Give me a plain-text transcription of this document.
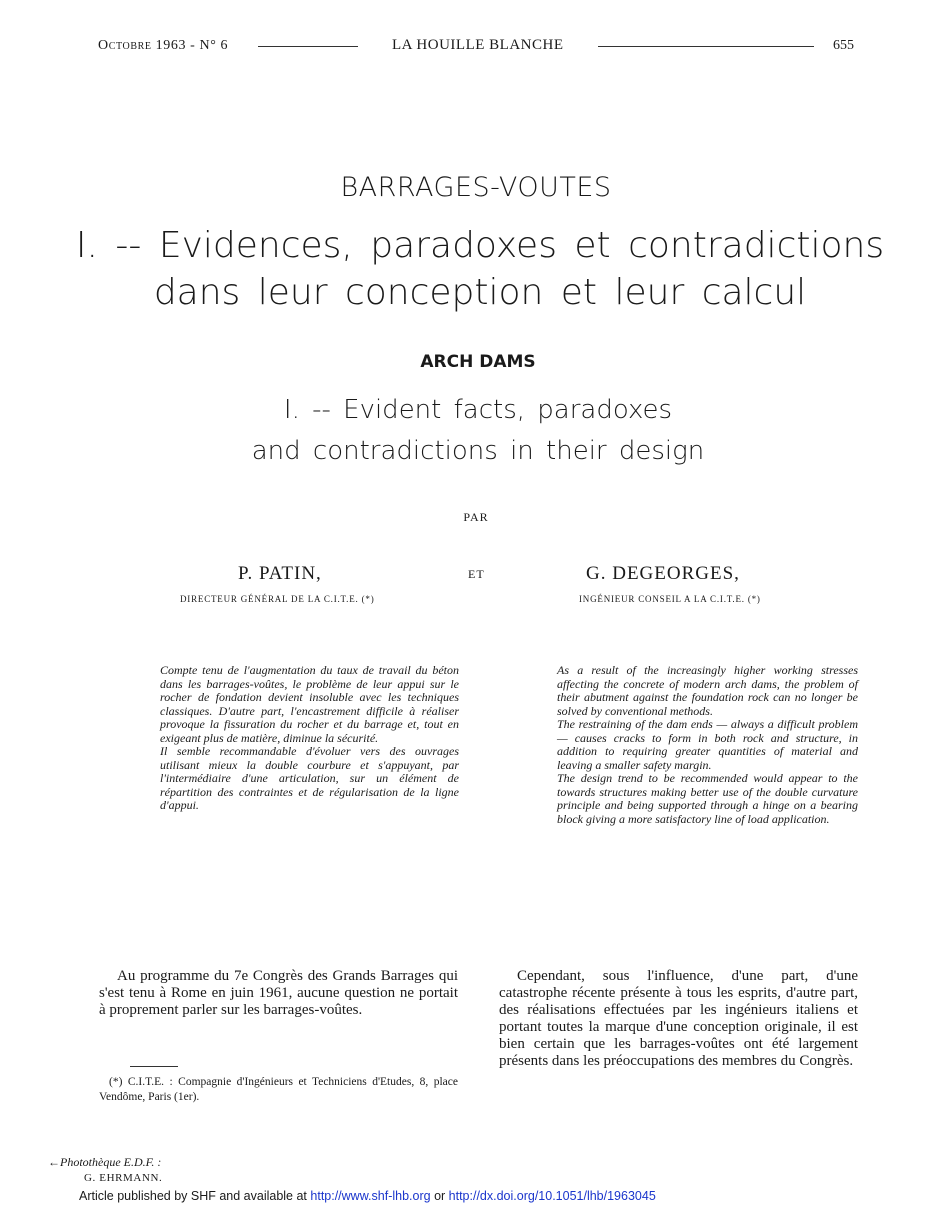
Octobre 1963 - N° 6	LA HOUILLE BLANCHE	655
BARRAGES-VOUTES
I. -- Evidences, paradoxes et contradictions
dans leur conception et leur calcul
ARCH DAMS
I. -- Evident facts, paradoxes
and contradictions in their design
PAR
P. PATIN,	ET	G. DEGEORGES,
DIRECTEUR GÉNÉRAL DE LA C.I.T.E. (*)	INGÉNIEUR CONSEIL A LA C.I.T.E. (*)

Compte tenu de l'augmentation du taux de travail du béton dans les barrages-voûtes, le problème de leur appui sur le rocher de fondation devient insoluble avec les techniques classiques. D'autre part, l'encastrement difficile à réaliser provoque la fissuration du rocher et du barrage et, tout en exigeant plus de matière, diminue la sécurité.

Il semble recommandable d'évoluer vers des ouvrages utilisant mieux la double courbure et s'appuyant, par l'intermédiaire d'une articulation, sur un élément de répartition des contraintes et de régularisation de la ligne d'appui.

As a result of the increasingly higher working stresses affecting the concrete of modern arch dams, the problem of their abutment against the foundation rock can no longer be solved by conventional methods.

The restraining of the dam ends — always a difficult problem — causes cracks to form in both rock and structure, in addition to requiring greater quantities of material and leaving a smaller safety margin.

The design trend to be recommended would appear to the towards structures making better use of the double curvature principle and being supported through a hinge on a bearing block giving a more satisfactory line of load application.

Au programme du 7e Congrès des Grands Barrages qui s'est tenu à Rome en juin 1961, aucune question ne portait à proprement parler sur les barrages-voûtes.

Cependant, sous l'influence, d'une part, d'une catastrophe récente présente à tous les esprits, d'autre part, des réalisations effectuées par les ingénieurs italiens et portant toutes la marque d'une conception originale, il est bien certain que les barrages-voûtes ont été largement présents dans les préoccupations des membres du Congrès.

(*) C.I.T.E. : Compagnie d'Ingénieurs et Techniciens d'Etudes, 8, place Vendôme, Paris (1er).

←Photothèque E.D.F. :
G. EHRMANN.
Article published by SHF and available at http://www.shf-lhb.org or http://dx.doi.org/10.1051/lhb/1963045
